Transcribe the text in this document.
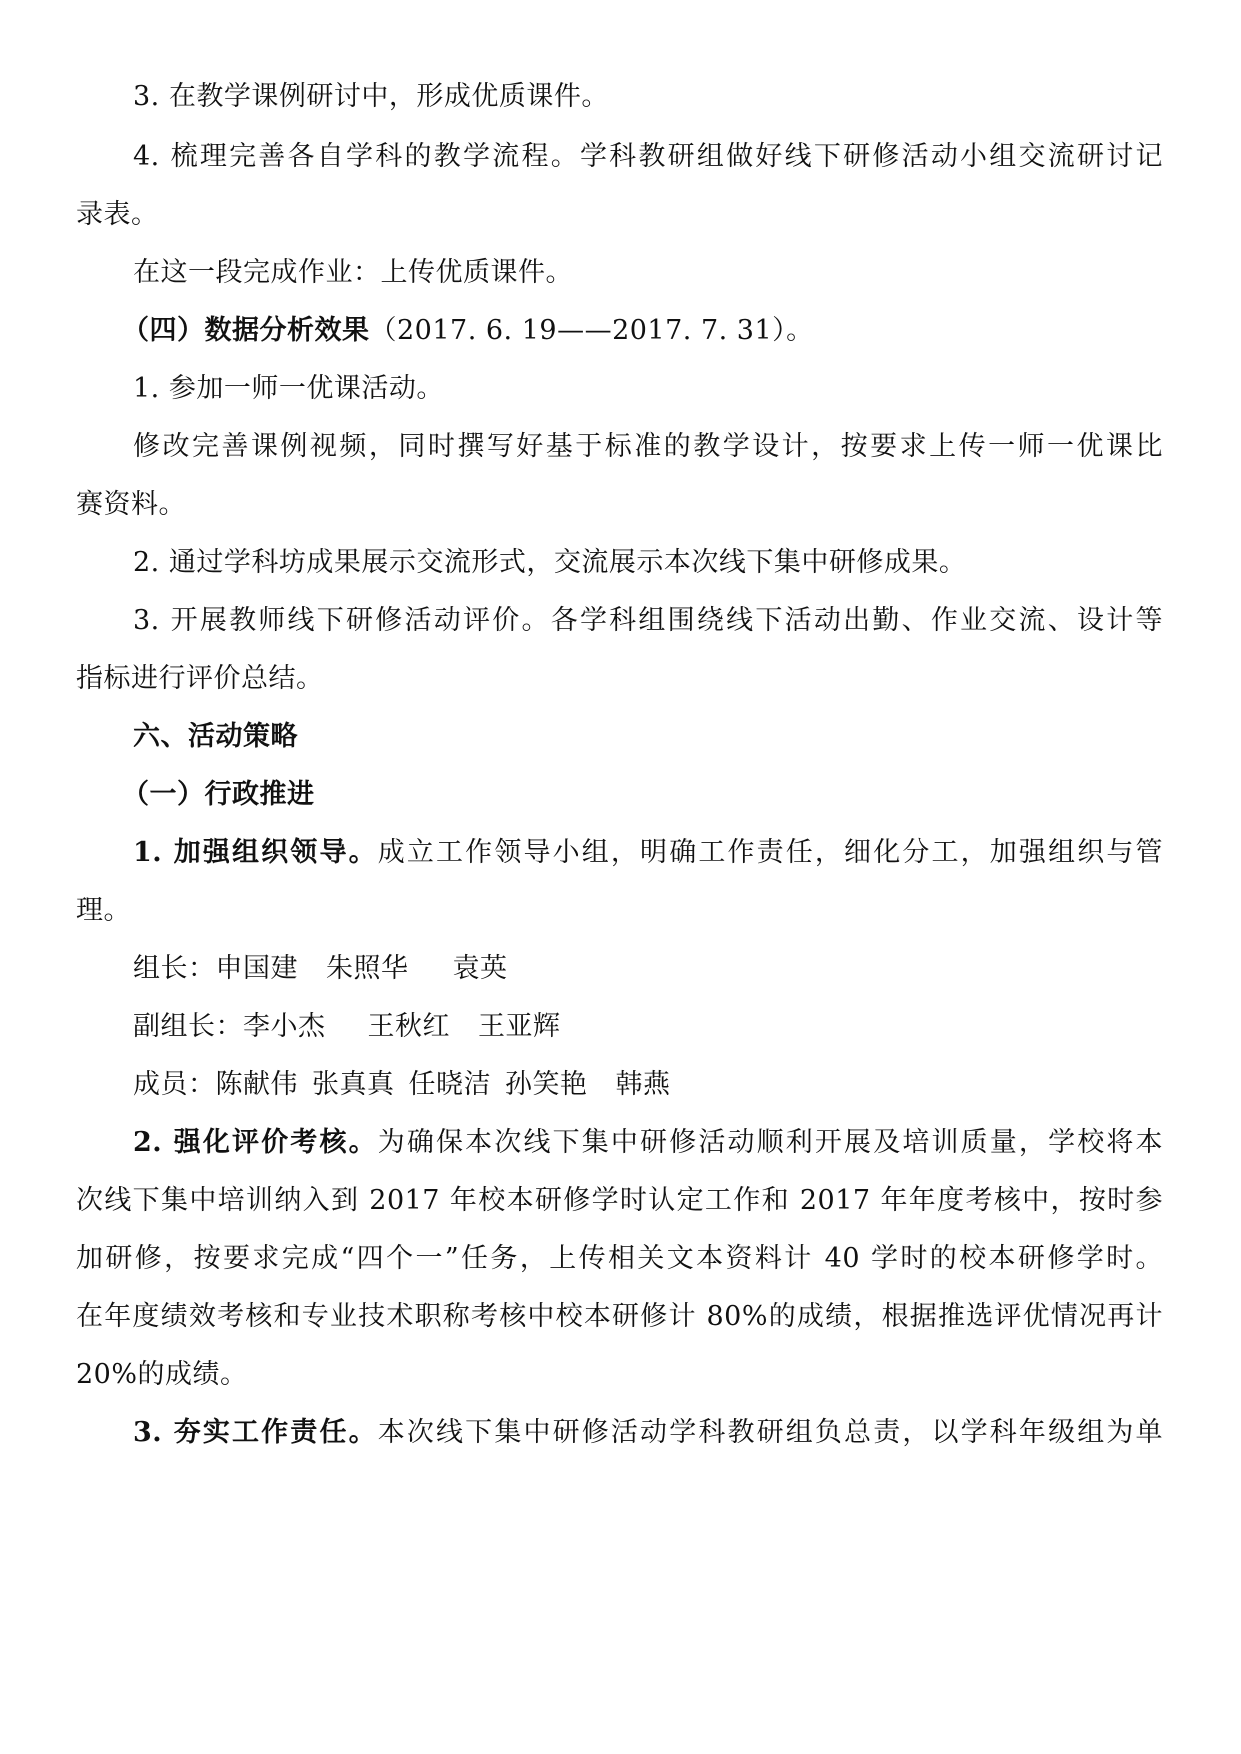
3. 在教学课例研讨中，形成优质课件。
4. 梳理完善各自学科的教学流程。学科教研组做好线下研修活动小组交流研讨记
录表。
在这一段完成作业：上传优质课件。
（四）数据分析效果（2017. 6. 19——2017. 7. 31）。
1. 参加一师一优课活动。
修改完善课例视频，同时撰写好基于标准的教学设计，按要求上传一师一优课比
赛资料。
2. 通过学科坊成果展示交流形式，交流展示本次线下集中研修成果。
3. 开展教师线下研修活动评价。各学科组围绕线下活动出勤、作业交流、设计等
指标进行评价总结。
六、活动策略
（一）行政推进
1. 加强组织领导。成立工作领导小组，明确工作责任，细化分工，加强组织与管
理。
组长：申国建 朱照华 袁英
副组长：李小杰 王秋红 王亚辉
成员：陈献伟 张真真 任晓洁 孙笑艳 韩燕
2. 强化评价考核。为确保本次线下集中研修活动顺利开展及培训质量，学校将本
次线下集中培训纳入到 2017 年校本研修学时认定工作和 2017 年年度考核中，按时参
加研修，按要求完成“四个一”任务，上传相关文本资料计 40 学时的校本研修学时。
在年度绩效考核和专业技术职称考核中校本研修计 80%的成绩，根据推选评优情况再计
20%的成绩。
3. 夯实工作责任。本次线下集中研修活动学科教研组负总责，以学科年级组为单
